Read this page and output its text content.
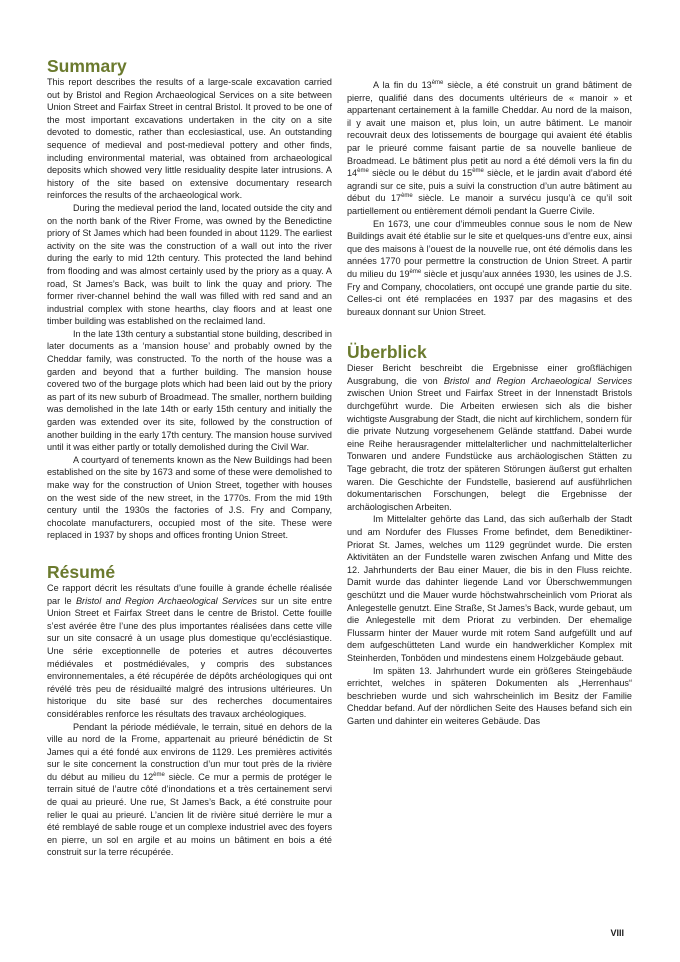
Summary

This report describes the results of a large-scale excavation carried out by Bristol and Region Archaeological Services on a site between Union Street and Fairfax Street in central Bristol. It proved to be one of the most important excavations undertaken in the city on a site devoted to domestic, rather than ecclesiastical, use. An outstanding sequence of medieval and post-medieval pottery and other finds, including environmental material, was obtained from archaeological deposits which showed very little residuality despite later intrusions. A history of the site based on extensive documentary research reinforces the results of the archaeological work.

During the medieval period the land, located outside the city and on the north bank of the River Frome, was owned by the Benedictine priory of St James which had been founded in about 1129. The earliest activity on the site was the construction of a wall out into the river during the early to mid 12th century. This protected the land behind from flooding and was almost certainly used by the priory as a quay. A road, St James’s Back, was built to link the quay and priory. The former river-channel behind the wall was filled with red sand and an industrial complex with stone hearths, clay floors and at least one timber building was established on the reclaimed land.

In the late 13th century a substantial stone building, described in later documents as a ‘mansion house’ and probably owned by the Cheddar family, was constructed. To the north of the house was a garden and beyond that a further building. The mansion house covered two of the burgage plots which had been laid out by the priory as part of its new suburb of Broadmead. The smaller, northern building was demolished in the late 14th or early 15th century and initially the garden was extended over its site, followed by the construction of another building in the early 17th century. The mansion house survived until it was either partly or totally demolished during the Civil War.

A courtyard of tenements known as the New Buildings had been established on the site by 1673 and some of these were demolished to make way for the construction of Union Street, together with houses on the west side of the new street, in the 1770s. From the mid 19th century until the 1930s the factories of J.S. Fry and Company, chocolate manufacturers, occupied most of the site. These were replaced in 1937 by shops and offices fronting Union Street.

Résumé

Ce rapport décrit les résultats d’une fouille à grande échelle réalisée par le Bristol and Region Archaeological Services sur un site entre Union Street et Fairfax Street dans le centre de Bristol. Cette fouille s’est avérée être l’une des plus importantes réalisées dans cette ville sur un site consacré à un usage plus domestique qu’ecclésiastique. Une série exceptionnelle de poteries et autres découvertes médiévales et postmédiévales, y compris des substances environnementales, a été récupérée de dépôts archéologiques qui ont révélé très peu de résiduailté malgré des intrusions ultérieures. Un historique du site basé sur des recherches documentaires considérables renforce les résultats des travaux archéologiques.

Pendant la période médiévale, le terrain, situé en dehors de la ville au nord de la Frome, appartenait au prieuré bénédictin de St James qui a été fondé aux environs de 1129. Les premières activités sur le site concernent la construction d’un mur tout près de la rivière du début au milieu du 12ème siècle. Ce mur a permis de protéger le terrain situé de l’autre côté d’inondations et a très certainement servi de quai au prieuré. Une rue, St James’s Back, a été construite pour relier le quai au prieuré. L’ancien lit de rivière situé derrière le mur a été remblayé de sable rouge et un complexe industriel avec des foyers en pierre, un sol en argile et au moins un bâtiment en bois a été construit sur la terre récupérée.

A la fin du 13ème siècle, a été construit un grand bâtiment de pierre, qualifié dans des documents ultérieurs de « manoir » et appartenant certainement à la famille Cheddar. Au nord de la maison, il y avait une maison et, plus loin, un autre bâtiment. Le manoir recouvrait deux des lotissements de bourgage qui avaient été établis par le prieuré comme faisant partie de sa nouvelle banlieue de Broadmead. Le bâtiment plus petit au nord a été démoli vers la fin du 14ème siècle ou le début du 15ème siècle, et le jardin avait d’abord été agrandi sur ce site, puis a suivi la construction d’un autre bâtiment au début du 17ème siècle. Le manoir a survécu jusqu’à ce qu’il soit partiellement ou entièrement démoli pendant la Guerre Civile.

En 1673, une cour d’immeubles connue sous le nom de New Buildings avait été établie sur le site et quelques-uns d’entre eux, ainsi que des maisons à l’ouest de la nouvelle rue, ont été démolis dans les années 1770 pour permettre la construction de Union Street. A partir du milieu du 19ème siècle et jusqu’aux années 1930, les usines de J.S. Fry and Company, chocolatiers, ont occupé une grande partie du site. Celles-ci ont été remplacées en 1937 par des magasins et des bureaux donnant sur Union Street.

Überblick

Dieser Bericht beschreibt die Ergebnisse einer großflächigen Ausgrabung, die von Bristol and Region Archaeological Services zwischen Union Street und Fairfax Street in der Innenstadt Bristols durchgeführt wurde. Die Arbeiten erwiesen sich als die bisher wichtigste Ausgrabung der Stadt, die nicht auf kirchlichem, sondern für die private Nutzung vorgesehenem Gelände stattfand. Dabei wurde eine Reihe herausragender mittelalterlicher und nachmittelalterlicher Tonwaren und andere Fundstücke aus archäologischen Stätten zu Tage gebracht, die trotz der späteren Störungen äußerst gut erhalten waren. Die Geschichte der Fundstelle, basierend auf ausführlichen dokumentarischen Forschungen, belegt die Ergebnisse der archäologischen Arbeiten.

Im Mittelalter gehörte das Land, das sich außerhalb der Stadt und am Nordufer des Flusses Frome befindet, dem Benediktiner-Priorat St. James, welches um 1129 gegründet wurde. Die ersten Aktivitäten an der Fundstelle waren zwischen Anfang und Mitte des 12. Jahrhunderts der Bau einer Mauer, die bis in den Fluss reichte. Damit wurde das dahinter liegende Land vor Überschwemmungen geschützt und die Mauer wurde höchstwahrscheinlich vom Priorat als Anlegestelle genutzt. Eine Straße, St James’s Back, wurde gebaut, um die Anlegestelle mit dem Priorat zu verbinden. Der ehemalige Flussarm hinter der Mauer wurde mit rotem Sand aufgefüllt und auf dem aufgeschütteten Land wurde ein handwerklicher Komplex mit Steinherden, Tonböden und mindestens einem Holzgebäude gebaut.

Im späten 13. Jahrhundert wurde ein größeres Steingebäude errichtet, welches in späteren Dokumenten als „Herrenhaus“ beschrieben wurde und sich wahrscheinlich im Besitz der Familie Cheddar befand. Auf der nördlichen Seite des Hauses befand sich ein Garten und dahinter ein weiteres Gebäude. Das

VIII
